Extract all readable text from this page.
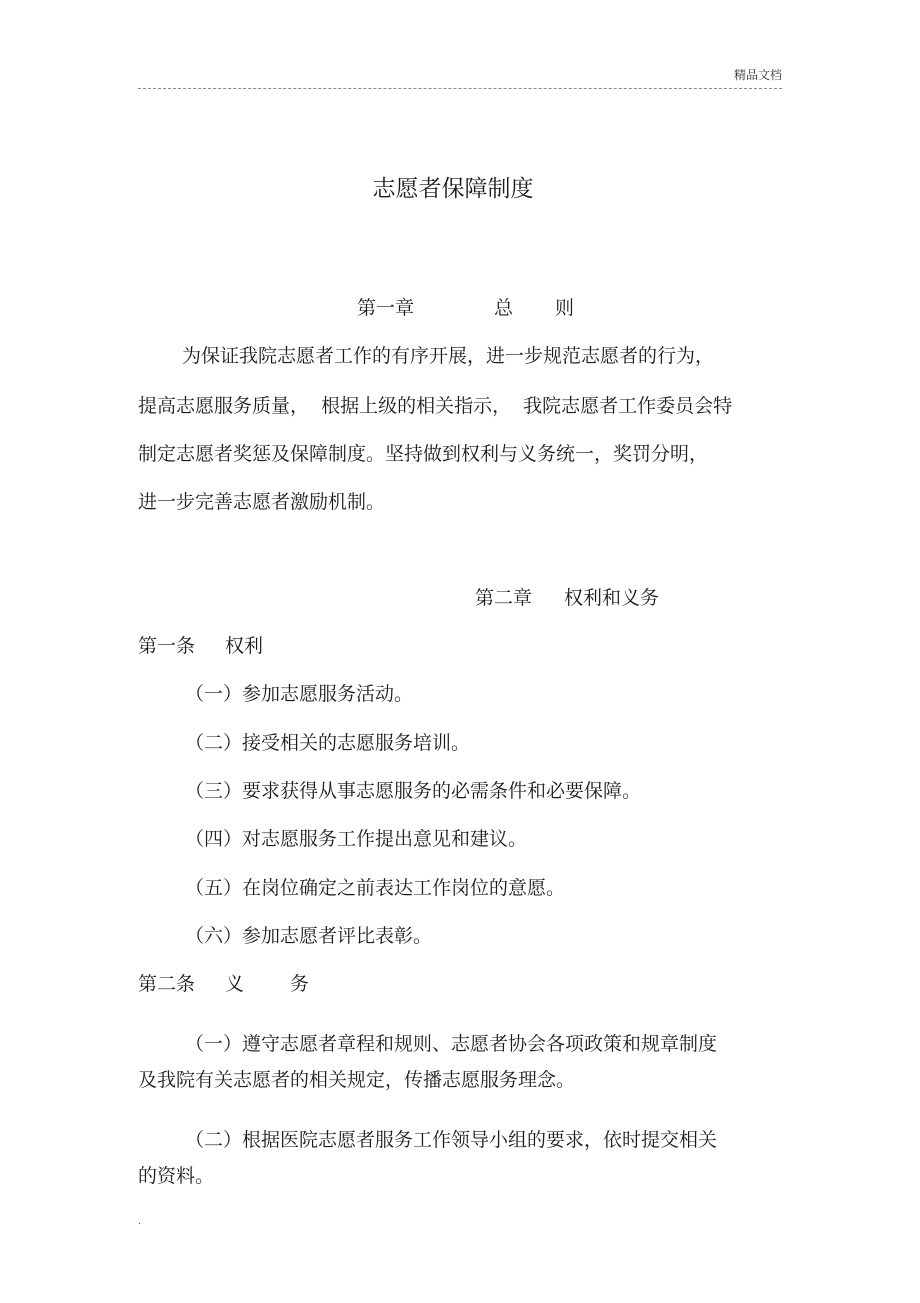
精品文档
志愿者保障制度
第一章	总 则
为保证我院志愿者工作的有序开展，进一步规范志愿者的行为，
提高志愿服务质量，  根据上级的相关指示，  我院志愿者工作委员会特
制定志愿者奖惩及保障制度。坚持做到权利与义务统一，奖罚分明，
进一步完善志愿者激励机制。
第二章 权利和义务
第一条 权利
（一）参加志愿服务活动。
（二）接受相关的志愿服务培训。
（三）要求获得从事志愿服务的必需条件和必要保障。
（四）对志愿服务工作提出意见和建议。
（五）在岗位确定之前表达工作岗位的意愿。
（六）参加志愿者评比表彰。
第二条 义 务
（一）遵守志愿者章程和规则、志愿者协会各项政策和规章制度
及我院有关志愿者的相关规定，传播志愿服务理念。
（二）根据医院志愿者服务工作领导小组的要求，依时提交相关
的资料。
.
